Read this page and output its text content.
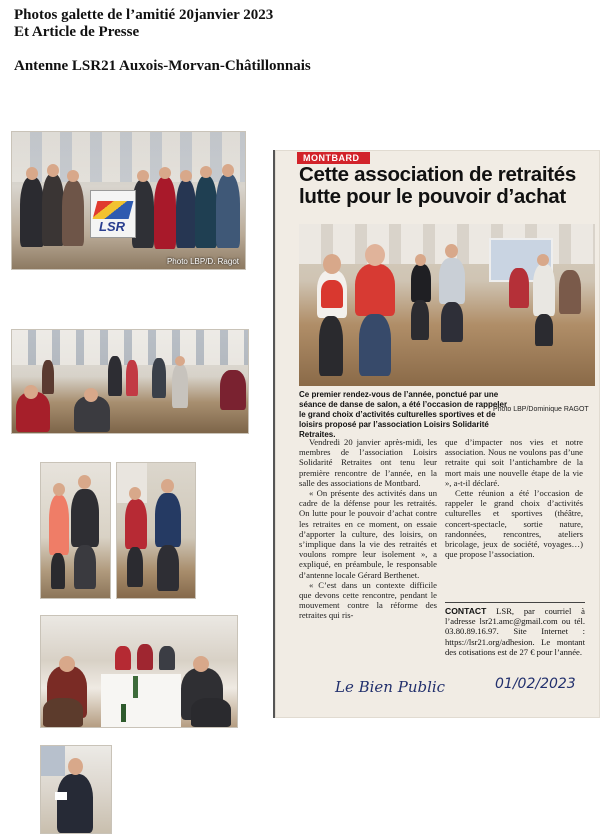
Photos galette de l’amitié 20janvier 2023
Et Article de Presse
Antenne LSR21 Auxois-Morvan-Châtillonnais
LSR
Photo LBP/D. Ragot
MONTBARD
Cette association de retraités lutte pour le pouvoir d’achat
Ce premier rendez-vous de l’année, ponctué par une séance de danse de salon, a été l’occasion de rappeler le grand choix d’activités culturelles sportives et de loisirs proposé par l’association Loisirs Solidarité Retraites.
Photo LBP/Dominique RAGOT

Vendredi 20 janvier après-midi, les membres de l’association Loisirs Solidarité Retraites ont tenu leur première rencontre de l’année, en la salle des associations de Montbard.

« On présente des activités dans un cadre de la défense pour les retraités. On lutte pour le pouvoir d’achat contre les retraites en ce moment, on essaie d’apporter la culture, des loisirs, on s’implique dans la vie des retraités et voulons rompre leur isolement », a expliqué, en préambule, le responsable d’antenne locale Gérard Berthenet.

« C’est dans un contexte difficile que devons cette rencontre, pendant le mouvement contre la réforme des retraites qui ris-

que d’impacter nos vies et notre association. Nous ne voulons pas d’une retraite qui soit l’antichambre de la mort mais une nouvelle étape de la vie », a-t-il déclaré.

Cette réunion a été l’occasion de rappeler le grand choix d’activités culturelles et sportives (théâtre, concert-spectacle, sortie nature, randonnées, rencontres, ateliers bricolage, jeux de société, voyages…) que propose l’association.

CONTACT LSR, par courriel à l’adresse lsr21.amc@gmail.com ou tél. 03.80.89.16.97. Site Internet : https://lsr21.org/adhesion. Le montant des cotisations est de 27 € pour l’année.
Le Bien Public	01/02/2023
